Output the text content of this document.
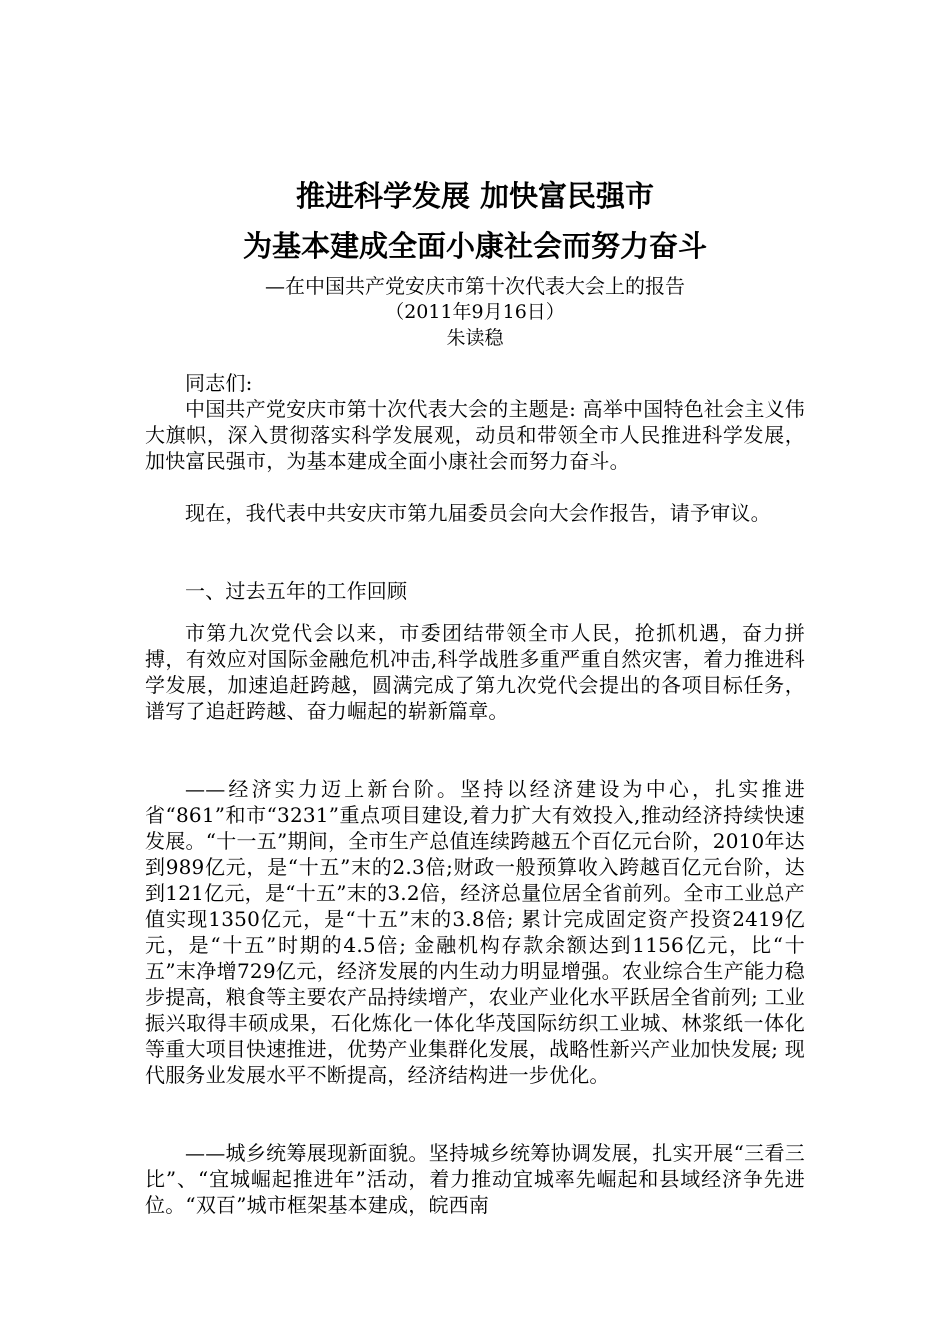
推进科学发展 加快富民强市
为基本建成全面小康社会而努力奋斗
—在中国共产党安庆市第十次代表大会上的报告
（2011年9月16日）
朱读稳

同志们:

中国共产党安庆市第十次代表大会的主题是: 高举中国特色社会主义伟大旗帜，深入贯彻落实科学发展观，动员和带领全市人民推进科学发展，加快富民强市，为基本建成全面小康社会而努力奋斗。

现在，我代表中共安庆市第九届委员会向大会作报告，请予审议。

一、过去五年的工作回顾

市第九次党代会以来，市委团结带领全市人民，抢抓机遇，奋力拼搏，有效应对国际金融危机冲击,科学战胜多重严重自然灾害，着力推进科学发展，加速追赶跨越，圆满完成了第九次党代会提出的各项目标任务，谱写了追赶跨越、奋力崛起的崭新篇章。

——经济实力迈上新台阶。坚持以经济建设为中心，扎实推进省“861”和市“3231”重点项目建设,着力扩大有效投入,推动经济持续快速发展。“十一五”期间，全市生产总值连续跨越五个百亿元台阶，2010年达到989亿元，是“十五”末的2.3倍;财政一般预算收入跨越百亿元台阶，达到121亿元，是“十五”末的3.2倍，经济总量位居全省前列。全市工业总产值实现1350亿元，是“十五”末的3.8倍; 累计完成固定资产投资2419亿元，是“十五”时期的4.5倍; 金融机构存款余额达到1156亿元，比“十五”末净增729亿元，经济发展的内生动力明显增强。农业综合生产能力稳步提高，粮食等主要农产品持续增产，农业产业化水平跃居全省前列; 工业振兴取得丰硕成果，石化炼化一体化华茂国际纺织工业城、林浆纸一体化等重大项目快速推进，优势产业集群化发展，战略性新兴产业加快发展; 现代服务业发展水平不断提高，经济结构进一步优化。

——城乡统筹展现新面貌。坚持城乡统筹协调发展，扎实开展“三看三比”、“宜城崛起推进年”活动，着力推动宜城率先崛起和县域经济争先进位。“双百”城市框架基本建成，皖西南
